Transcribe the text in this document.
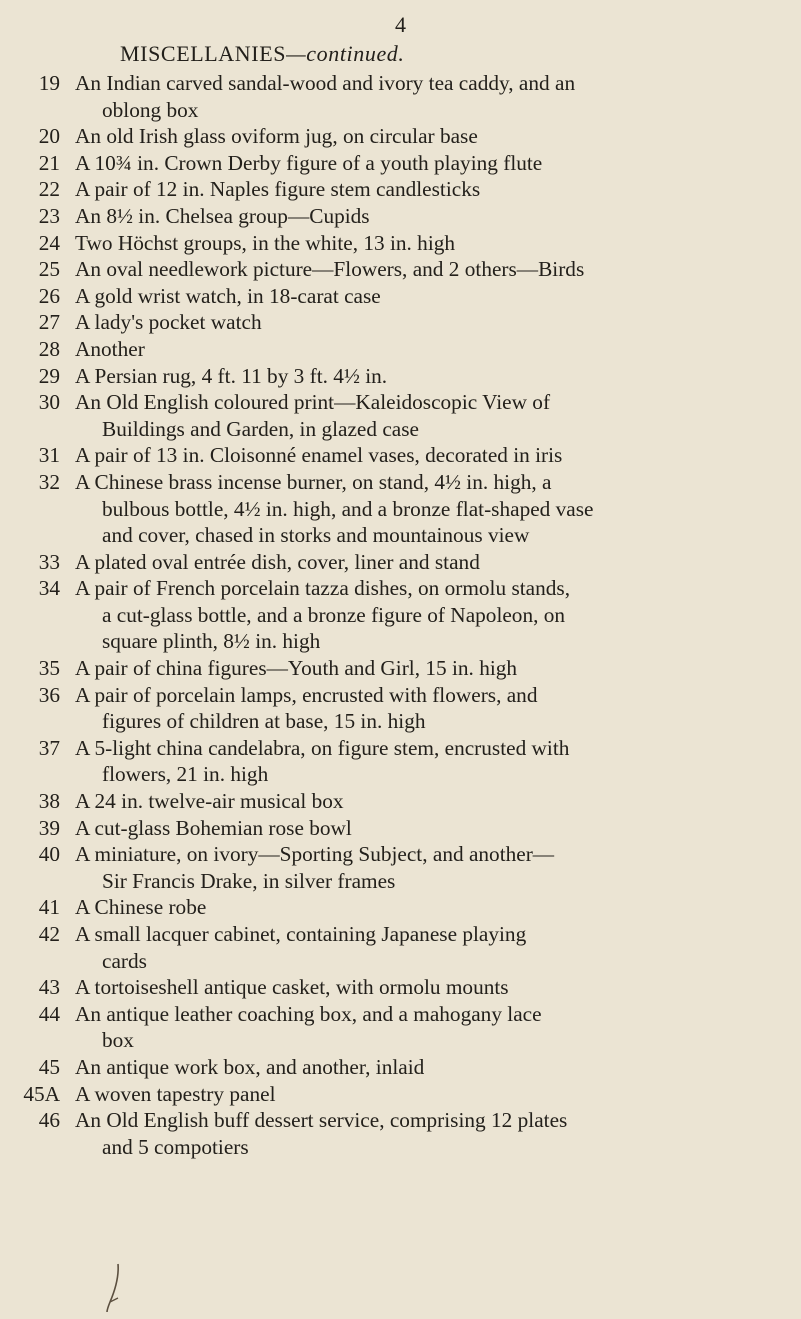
4
MISCELLANIES—continued.
19 An Indian carved sandal-wood and ivory tea caddy, and an
oblong box
20 An old Irish glass oviform jug, on circular base
21 A 10¾ in. Crown Derby figure of a youth playing flute
22 A pair of 12 in. Naples figure stem candlesticks
23 An 8½ in. Chelsea group—Cupids
24 Two Höchst groups, in the white, 13 in. high
25 An oval needlework picture—Flowers, and 2 others—Birds
26 A gold wrist watch, in 18-carat case
27 A lady's pocket watch
28 Another
29 A Persian rug, 4 ft. 11 by 3 ft. 4½ in.
30 An Old English coloured print—Kaleidoscopic View of
Buildings and Garden, in glazed case
31 A pair of 13 in. Cloisonné enamel vases, decorated in iris
32 A Chinese brass incense burner, on stand, 4½ in. high, a
bulbous bottle, 4½ in. high, and a bronze flat-shaped vase
and cover, chased in storks and mountainous view
33 A plated oval entrée dish, cover, liner and stand
34 A pair of French porcelain tazza dishes, on ormolu stands,
a cut-glass bottle, and a bronze figure of Napoleon, on
square plinth, 8½ in. high
35 A pair of china figures—Youth and Girl, 15 in. high
36 A pair of porcelain lamps, encrusted with flowers, and
figures of children at base, 15 in. high
37 A 5-light china candelabra, on figure stem, encrusted with
flowers, 21 in. high
38 A 24 in. twelve-air musical box
39 A cut-glass Bohemian rose bowl
40 A miniature, on ivory—Sporting Subject, and another—
Sir Francis Drake, in silver frames
41 A Chinese robe
42 A small lacquer cabinet, containing Japanese playing
cards
43 A tortoiseshell antique casket, with ormolu mounts
44 An antique leather coaching box, and a mahogany lace
box
45 An antique work box, and another, inlaid
45A A woven tapestry panel
46 An Old English buff dessert service, comprising 12 plates
and 5 compotiers
